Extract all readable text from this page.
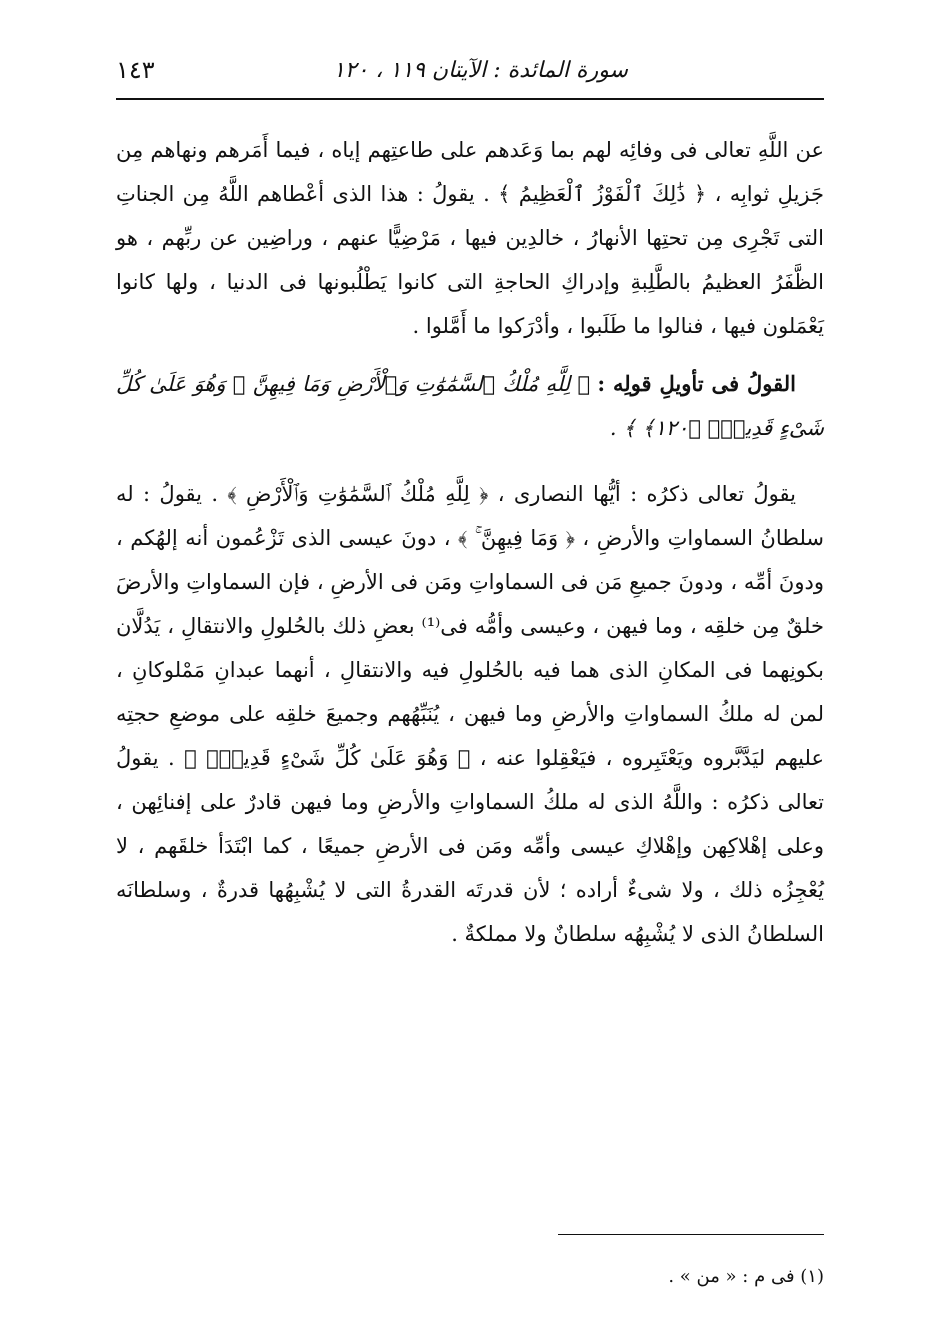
سورة المائدة : الآيتان ١١٩ ، ١٢٠
١٤٣

عن اللَّهِ تعالى فى وفائِه لهم بما وَعَدهم على طاعتِهم إياه ، فيما أَمَرهم ونهاهم مِن جَزيلِ ثوابِه ، ﴿ ذَٰلِكَ ٱلْفَوْزُ ٱلْعَظِيمُ ﴾ . يقولُ : هذا الذى أعْطاهم اللَّهُ مِن الجناتِ التى تَجْرِى مِن تحتِها الأنهارُ ، خالدِين فيها ، مَرْضِيًّا عنهم ، وراضِين عن ربِّهم ، هو الظَّفَرُ العظيمُ بالطَّلِبةِ وإدراكِ الحاجةِ التى كانوا يَطْلُبونها فى الدنيا ، ولها كانوا يَعْمَلون فيها ، فنالوا ما طَلَبوا ، وأدْرَكوا ما أَمَّلوا .

القولُ فى تأويلِ قولِه : ﴿ لِلَّهِ مُلْكُ ٱلسَّمَٰوَٰتِ وَٱلْأَرْضِ وَمَا فِيهِنَّ ۚ وَهُوَ عَلَىٰ كُلِّ شَىْءٍ قَدِيرٌۢ ﴿١٢٠﴾ ﴾ .

يقولُ تعالى ذكرُه : أيُّها النصارى ، ﴿ لِلَّهِ مُلْكُ ٱلسَّمَٰوَٰتِ وَٱلْأَرْضِ ﴾ . يقولُ : له سلطانُ السماواتِ والأرضِ ، ﴿ وَمَا فِيهِنَّ ۚ ﴾ ، دونَ عيسى الذى تَزْعُمون أنه إلهُكم ، ودونَ أمِّه ، ودونَ جميعِ مَن فى السماواتِ ومَن فى الأرضِ ، فإن السماواتِ والأرضَ خلقٌ مِن خلقِه ، وما فيهن ، وعيسى وأمُّه فى⁽¹⁾ بعضِ ذلك بالحُلولِ والانتقالِ ، يَدُلَّان بكونِهما فى المكانِ الذى هما فيه بالحُلولِ فيه والانتقالِ ، أنهما عبدانِ مَمْلوكانِ ، لمن له ملكُ السماواتِ والأرضِ وما فيهن ، يُنَبِّهُهم وجميعَ خلقِه على موضعِ حجتِه عليهم ليَدَّبَّروه ويَعْتَبِروه ، فيَعْقِلوا عنه ، ﴿ وَهُوَ عَلَىٰ كُلِّ شَىْءٍ قَدِيرٌۢ ﴾ . يقولُ تعالى ذكرُه : واللَّهُ الذى له ملكُ السماواتِ والأرضِ وما فيهن قادرٌ على إفنائِهن ، وعلى إهْلاكِهن وإهْلاكِ عيسى وأمِّه ومَن فى الأرضِ جميعًا ، كما ابْتَدَأ خلقَهم ، لا يُعْجِزُه ذلك ، ولا شىءٌ أراده ؛ لأن قدرتَه القدرةُ التى لا يُشْبِهُها قدرةٌ ، وسلطانَه السلطانُ الذى لا يُشْبِهُه سلطانٌ ولا مملكةٌ .

(١) فى م : « من » .
